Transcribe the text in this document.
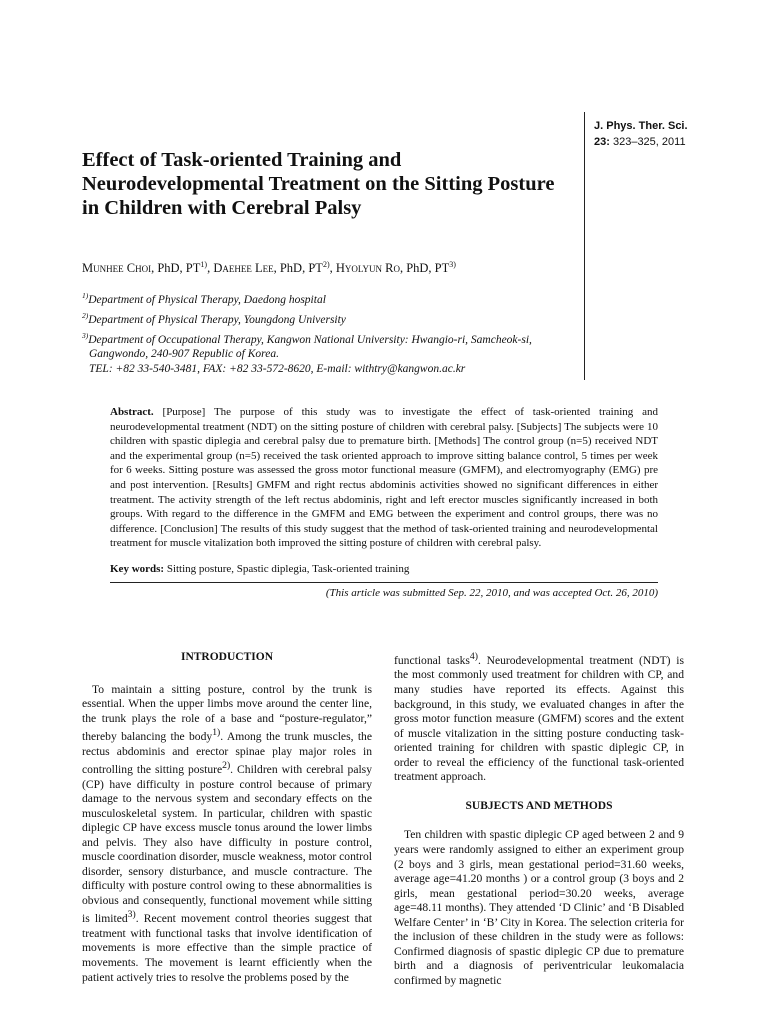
J. Phys. Ther. Sci.
23: 323–325, 2011
Effect of Task-oriented Training and Neurodevelopmental Treatment on the Sitting Posture in Children with Cerebral Palsy
Munhee Choi, PhD, PT$^{1)}$, Daehee Lee, PhD, PT$^{2)}$, Hyolyun Ro, PhD, PT$^{3)}$
$^{1)}$Department of Physical Therapy, Daedong hospital
$^{2)}$Department of Physical Therapy, Youngdong University
$^{3)}$Department of Occupational Therapy, Kangwon National University: Hwangio-ri, Samcheok-si,
Gangwondo, 240-907 Republic of Korea.
TEL: +82 33-540-3481, FAX: +82 33-572-8620, E-mail: withtry@kangwon.ac.kr
Abstract. [Purpose] The purpose of this study was to investigate the effect of task-oriented training and neurodevelopmental treatment (NDT) on the sitting posture of children with cerebral palsy. [Subjects] The subjects were 10 children with spastic diplegia and cerebral palsy due to premature birth. [Methods] The control group (n=5) received NDT and the experimental group (n=5) received the task oriented approach to improve sitting balance control, 5 times per week for 6 weeks. Sitting posture was assessed the gross motor functional measure (GMFM), and electromyography (EMG) pre and post intervention. [Results] GMFM and right rectus abdominis activities showed no significant differences in either treatment. The activity strength of the left rectus abdominis, right and left erector muscles significantly increased in both groups. With regard to the difference in the GMFM and EMG between the experiment and control groups, there was no difference. [Conclusion] The results of this study suggest that the method of task-oriented training and neurodevelopmental treatment for muscle vitalization both improved the sitting posture of children with cerebral palsy.
Key words: Sitting posture, Spastic diplegia, Task-oriented training
(This article was submitted Sep. 22, 2010, and was accepted Oct. 26, 2010)
INTRODUCTION

To maintain a sitting posture, control by the trunk is essential. When the upper limbs move around the center line, the trunk plays the role of a base and “posture-regulator,” thereby balancing the body$^{1)}$. Among the trunk muscles, the rectus abdominis and erector spinae play major roles in controlling the sitting posture$^{2)}$. Children with cerebral palsy (CP) have difficulty in posture control because of primary damage to the nervous system and secondary effects on the musculoskeletal system. In particular, children with spastic diplegic CP have excess muscle tonus around the lower limbs and pelvis. They also have difficulty in posture control, muscle coordination disorder, muscle weakness, motor control disorder, sensory disturbance, and muscle contracture. The difficulty with posture control owing to these abnormalities is obvious and consequently, functional movement while sitting is limited$^{3)}$. Recent movement control theories suggest that treatment with functional tasks that involve identification of movements is more effective than the simple practice of movements. The movement is learnt efficiently when the patient actively tries to resolve the problems posed by the

functional tasks$^{4)}$. Neurodevelopmental treatment (NDT) is the most commonly used treatment for children with CP, and many studies have reported its effects. Against this background, in this study, we evaluated changes in after the gross motor function measure (GMFM) scores and the extent of muscle vitalization in the sitting posture conducting task-oriented training for children with spastic diplegic CP, in order to reveal the efficiency of the functional task-oriented treatment approach.

SUBJECTS AND METHODS

Ten children with spastic diplegic CP aged between 2 and 9 years were randomly assigned to either an experiment group (2 boys and 3 girls, mean gestational period=31.60 weeks, average age=41.20 months ) or a control group (3 boys and 2 girls, mean gestational period=30.20 weeks, average age=48.11 months). They attended ‘D Clinic’ and ‘B Disabled Welfare Center’ in ‘B’ City in Korea. The selection criteria for the inclusion of these children in the study were as follows: Confirmed diagnosis of spastic diplegic CP due to premature birth and a diagnosis of periventricular leukomalacia confirmed by magnetic
